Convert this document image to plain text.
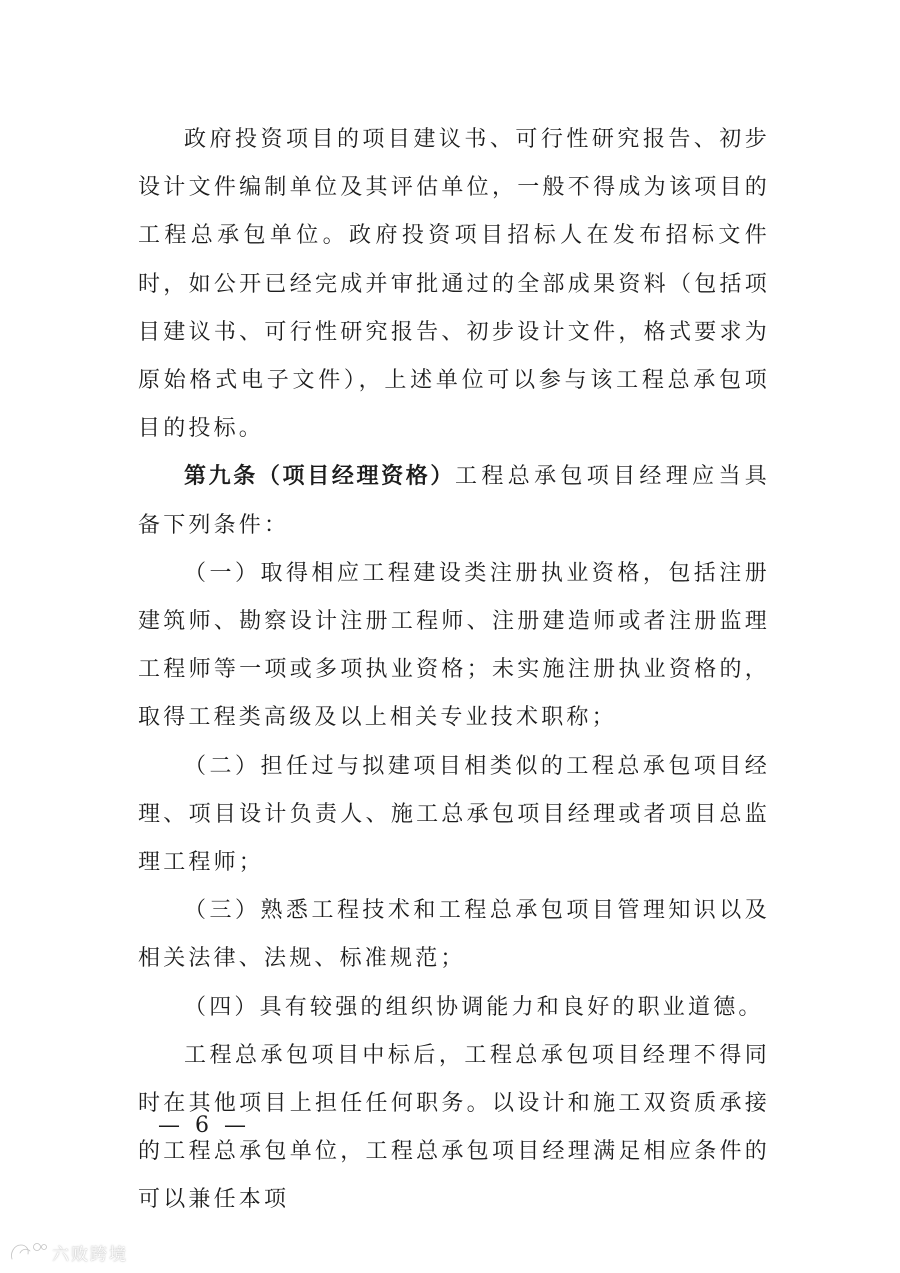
政府投资项目的项目建议书、可行性研究报告、初步设计文件编制单位及其评估单位，一般不得成为该项目的工程总承包单位。政府投资项目招标人在发布招标文件时，如公开已经完成并审批通过的全部成果资料（包括项目建议书、可行性研究报告、初步设计文件，格式要求为原始格式电子文件），上述单位可以参与该工程总承包项目的投标。

第九条（项目经理资格）工程总承包项目经理应当具备下列条件：

（一）取得相应工程建设类注册执业资格，包括注册建筑师、勘察设计注册工程师、注册建造师或者注册监理工程师等一项或多项执业资格；未实施注册执业资格的，取得工程类高级及以上相关专业技术职称；

（二）担任过与拟建项目相类似的工程总承包项目经理、项目设计负责人、施工总承包项目经理或者项目总监理工程师；

（三）熟悉工程技术和工程总承包项目管理知识以及相关法律、法规、标准规范；

（四）具有较强的组织协调能力和良好的职业道德。

工程总承包项目中标后，工程总承包项目经理不得同时在其他项目上担任任何职务。以设计和施工双资质承接的工程总承包单位，工程总承包项目经理满足相应条件的可以兼任本项

— 6 —
六败跨境
